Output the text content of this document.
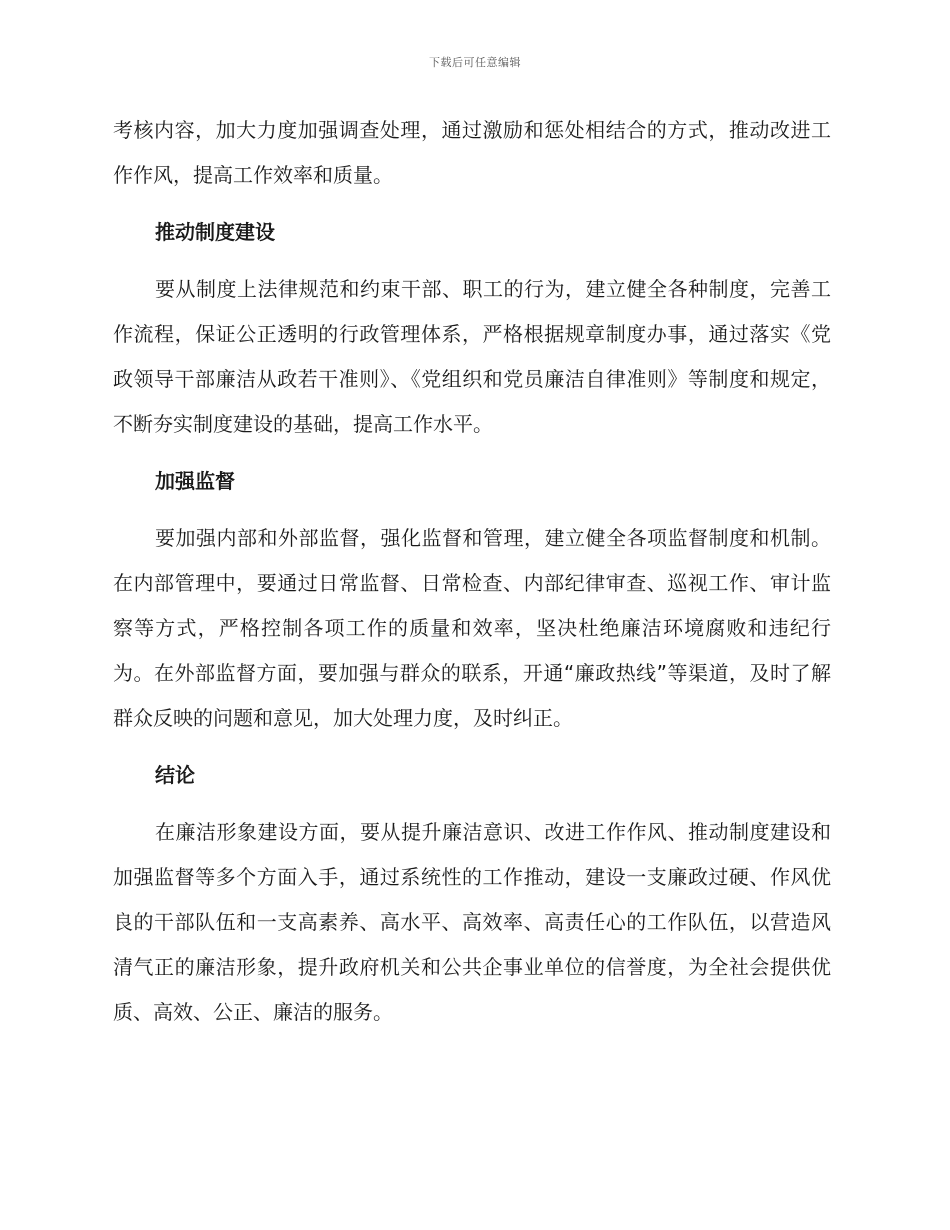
下载后可任意编辑

考核内容，加大力度加强调查处理，通过激励和惩处相结合的方式，推动改进工作作风，提高工作效率和质量。

推动制度建设

要从制度上法律规范和约束干部、职工的行为，建立健全各种制度，完善工作流程，保证公正透明的行政管理体系，严格根据规章制度办事，通过落实《党政领导干部廉洁从政若干准则》、《党组织和党员廉洁自律准则》等制度和规定，不断夯实制度建设的基础，提高工作水平。

加强监督

要加强内部和外部监督，强化监督和管理，建立健全各项监督制度和机制。在内部管理中，要通过日常监督、日常检查、内部纪律审查、巡视工作、审计监察等方式，严格控制各项工作的质量和效率，坚决杜绝廉洁环境腐败和违纪行为。在外部监督方面，要加强与群众的联系，开通“廉政热线”等渠道，及时了解群众反映的问题和意见，加大处理力度，及时纠正。

结论

在廉洁形象建设方面，要从提升廉洁意识、改进工作作风、推动制度建设和加强监督等多个方面入手，通过系统性的工作推动，建设一支廉政过硬、作风优良的干部队伍和一支高素养、高水平、高效率、高责任心的工作队伍，以营造风清气正的廉洁形象，提升政府机关和公共企事业单位的信誉度，为全社会提供优质、高效、公正、廉洁的服务。
